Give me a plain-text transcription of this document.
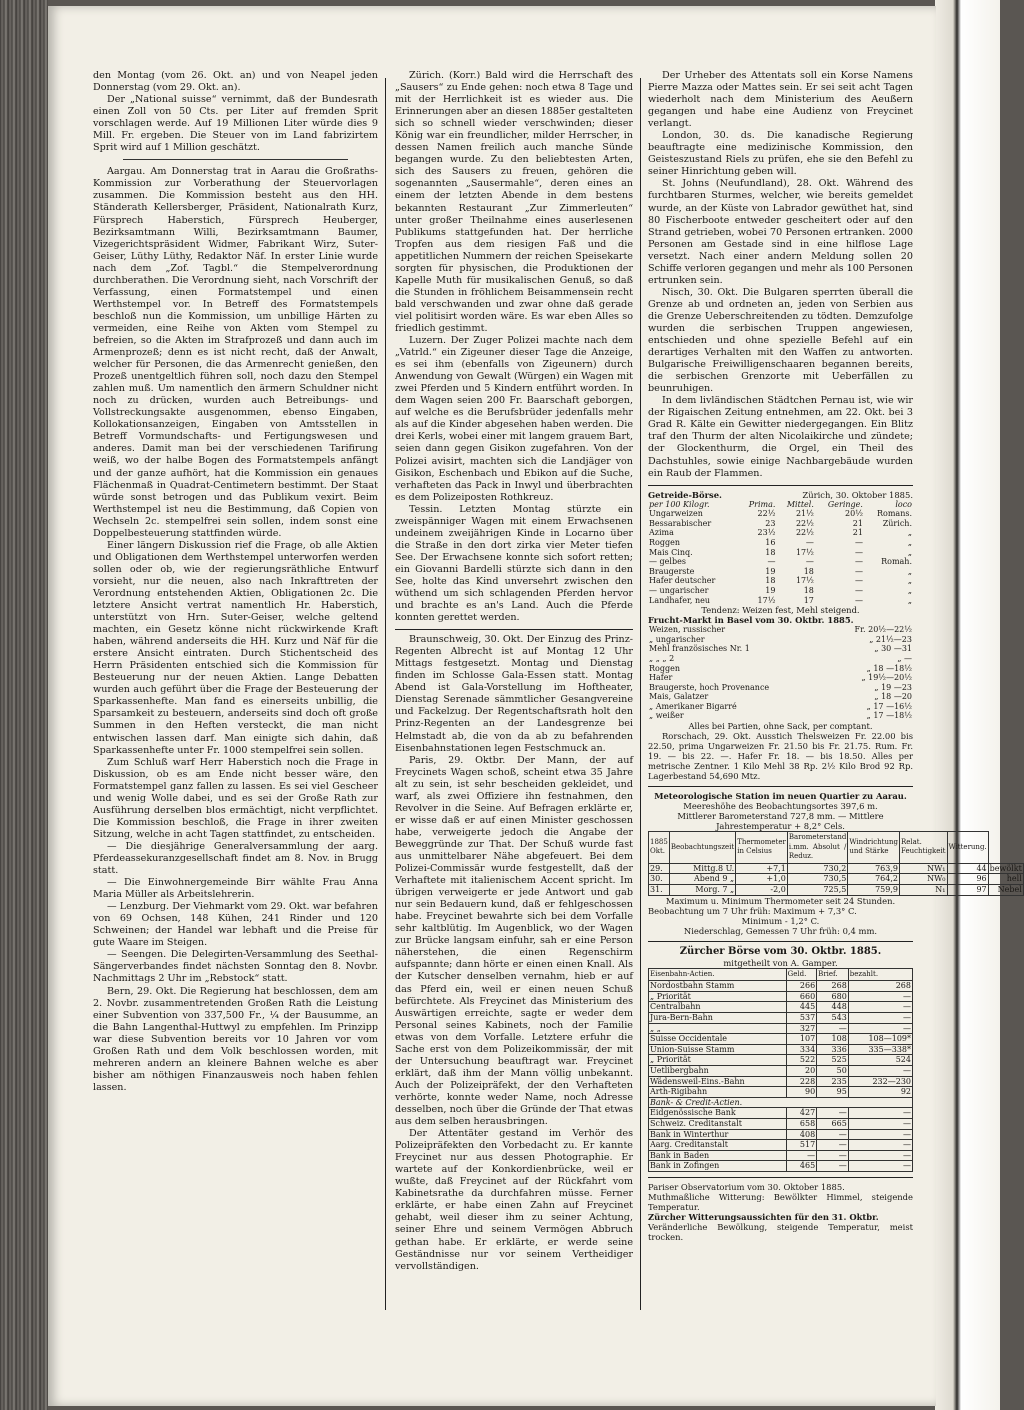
den Montag (vom 26. Okt. an) und von Neapel jeden Donnerstag (vom 29. Okt. an).

Der „National suisse“ vernimmt, daß der Bundesrath einen Zoll von 50 Cts. per Liter auf fremden Sprit vorschlagen werde. Auf 19 Millionen Liter würde dies 9 Mill. Fr. ergeben. Die Steuer von im Land fabrizirtem Sprit wird auf 1 Million geschätzt.

Aargau. Am Donnerstag trat in Aarau die Großraths-Kommission zur Vorberathung der Steuervorlagen zusammen. Die Kommission besteht aus den HH. Ständerath Kellersberger, Präsident, Nationalrath Kurz, Fürsprech Haberstich, Fürsprech Heuberger, Bezirksamtmann Willi, Bezirksamtmann Baumer, Vizegerichtspräsident Widmer, Fabrikant Wirz, Suter-Geiser, Lüthy Lüthy, Redaktor Näf. In erster Linie wurde nach dem „Zof. Tagbl.“ die Stempelverordnung durchberathen. Die Verordnung sieht, nach Vorschrift der Verfassung, einen Formatstempel und einen Werthstempel vor. In Betreff des Formatstempels beschloß nun die Kommission, um unbillige Härten zu vermeiden, eine Reihe von Akten vom Stempel zu befreien, so die Akten im Strafprozeß und dann auch im Armenprozeß; denn es ist nicht recht, daß der Anwalt, welcher für Personen, die das Armenrecht genießen, den Prozeß unentgeltlich führen soll, noch dazu den Stempel zahlen muß. Um namentlich den ärmern Schuldner nicht noch zu drücken, wurden auch Betreibungs- und Vollstreckungsakte ausgenommen, ebenso Eingaben, Kollokationsanzeigen, Eingaben von Amtsstellen in Betreff Vormundschafts- und Fertigungswesen und anderes. Damit man bei der verschiedenen Tarifirung weiß, wo der halbe Bogen des Formatstempels anfängt und der ganze aufhört, hat die Kommission ein genaues Flächenmaß in Quadrat-Centimetern bestimmt. Der Staat würde sonst betrogen und das Publikum vexirt. Beim Werthstempel ist neu die Bestimmung, daß Copien von Wechseln 2c. stempelfrei sein sollen, indem sonst eine Doppelbesteuerung stattfinden würde.

Einer längern Diskussion rief die Frage, ob alle Aktien und Obligationen dem Werthstempel unterworfen werden sollen oder ob, wie der regierungsräthliche Entwurf vorsieht, nur die neuen, also nach Inkrafttreten der Verordnung entstehenden Aktien, Obligationen 2c. Die letztere Ansicht vertrat namentlich Hr. Haberstich, unterstützt von Hrn. Suter-Geiser, welche geltend machten, ein Gesetz könne nicht rückwirkende Kraft haben, während anderseits die HH. Kurz und Näf für die erstere Ansicht eintraten. Durch Stichentscheid des Herrn Präsidenten entschied sich die Kommission für Besteuerung nur der neuen Aktien. Lange Debatten wurden auch geführt über die Frage der Besteuerung der Sparkassenhefte. Man fand es einerseits unbillig, die Sparsamkeit zu besteuern, anderseits sind doch oft große Summen in den Heften versteckt, die man nicht entwischen lassen darf. Man einigte sich dahin, daß Sparkassenhefte unter Fr. 1000 stempelfrei sein sollen.

Zum Schluß warf Herr Haberstich noch die Frage in Diskussion, ob es am Ende nicht besser wäre, den Formatstempel ganz fallen zu lassen. Es sei viel Gescheer und wenig Wolle dabei, und es sei der Große Rath zur Ausführung derselben blos ermächtigt, nicht verpflichtet. Die Kommission beschloß, die Frage in ihrer zweiten Sitzung, welche in acht Tagen stattfindet, zu entscheiden.

— Die diesjährige Generalversammlung der aarg. Pferdeassekuranzgesellschaft findet am 8. Nov. in Brugg statt.

— Die Einwohnergemeinde Birr wählte Frau Anna Maria Müller als Arbeitslehrerin.

— Lenzburg. Der Viehmarkt vom 29. Okt. war befahren von 69 Ochsen, 148 Kühen, 241 Rinder und 120 Schweinen; der Handel war lebhaft und die Preise für gute Waare im Steigen.

— Seengen. Die Delegirten-Versammlung des Seethal-Sängerverbandes findet nächsten Sonntag den 8. Novbr. Nachmittags 2 Uhr im „Rebstock“ statt.

Bern, 29. Okt. Die Regierung hat beschlossen, dem am 2. Novbr. zusammentretenden Großen Rath die Leistung einer Subvention von 337,500 Fr., ¼ der Bausumme, an die Bahn Langenthal-Huttwyl zu empfehlen. Im Prinzipp war diese Subvention bereits vor 10 Jahren vor vom Großen Rath und dem Volk beschlossen worden, mit mehreren andern an kleinere Bahnen welche es aber bisher am nöthigen Finanzausweis noch haben fehlen lassen.

Zürich. (Korr.) Bald wird die Herrschaft des „Sausers“ zu Ende gehen: noch etwa 8 Tage und mit der Herrlichkeit ist es wieder aus. Die Erinnerungen aber an diesen 1885er gestalteten sich so schnell wieder verschwinden; dieser König war ein freundlicher, milder Herrscher, in dessen Namen freilich auch manche Sünde begangen wurde. Zu den beliebtesten Arten, sich des Sausers zu freuen, gehören die sogenannten „Sausermahle“, deren eines an einem der letzten Abende in dem bestens bekannten Restaurant „Zur Zimmerleuten“ unter großer Theilnahme eines auserlesenen Publikums stattgefunden hat. Der herrliche Tropfen aus dem riesigen Faß und die appetitlichen Nummern der reichen Speisekarte sorgten für physischen, die Produktionen der Kapelle Muth für musikalischen Genuß, so daß die Stunden in fröhlichem Beisammensein recht bald verschwanden und zwar ohne daß gerade viel politisirt worden wäre. Es war eben Alles so friedlich gestimmt.

Luzern. Der Zuger Polizei machte nach dem „Vatrld.“ ein Zigeuner dieser Tage die Anzeige, es sei ihm (ebenfalls von Zigeunern) durch Anwendung von Gewalt (Würgen) ein Wagen mit zwei Pferden und 5 Kindern entführt worden. In dem Wagen seien 200 Fr. Baarschaft geborgen, auf welche es die Berufsbrüder jedenfalls mehr als auf die Kinder abgesehen haben werden. Die drei Kerls, wobei einer mit langem grauem Bart, seien dann gegen Gisikon zugefahren. Von der Polizei avisirt, machten sich die Landjäger von Gisikon, Eschenbach und Ebikon auf die Suche, verhafteten das Pack in Inwyl und überbrachten es dem Polizeiposten Rothkreuz.

Tessin. Letzten Montag stürzte ein zweispänniger Wagen mit einem Erwachsenen undeinem zweijährigen Kinde in Locarno über die Straße in den dort zirka vier Meter tiefen See. Der Erwachsene konnte sich sofort retten; ein Giovanni Bardelli stürzte sich dann in den See, holte das Kind unversehrt zwischen den wüthend um sich schlagenden Pferden hervor und brachte es an's Land. Auch die Pferde konnten gerettet werden.

Braunschweig, 30. Okt. Der Einzug des Prinz-Regenten Albrecht ist auf Montag 12 Uhr Mittags festgesetzt. Montag und Dienstag finden im Schlosse Gala-Essen statt. Montag Abend ist Gala-Vorstellung im Hoftheater, Dienstag Serenade sämmtlicher Gesangvereine und Fackelzug. Der Regentschaftsrath holt den Prinz-Regenten an der Landesgrenze bei Helmstadt ab, die von da ab zu befahrenden Eisenbahnstationen legen Festschmuck an.

Paris, 29. Oktbr. Der Mann, der auf Freycinets Wagen schoß, scheint etwa 35 Jahre alt zu sein, ist sehr bescheiden gekleidet, und warf, als zwei Offiziere ihn festnahmen, den Revolver in die Seine. Auf Befragen erklärte er, er wisse daß er auf einen Minister geschossen habe, verweigerte jedoch die Angabe der Beweggründe zur That. Der Schuß wurde fast aus unmittelbarer Nähe abgefeuert. Bei dem Polizei-Commissär wurde festgestellt, daß der Verhaftete mit italienischem Accent spricht. Im übrigen verweigerte er jede Antwort und gab nur sein Bedauern kund, daß er fehlgeschossen habe. Freycinet bewahrte sich bei dem Vorfalle sehr kaltblütig. Im Augenblick, wo der Wagen zur Brücke langsam einfuhr, sah er eine Person näherstehen, die einen Regenschirm aufspannte; dann hörte er einen einen Knall. Als der Kutscher denselben vernahm, hieb er auf das Pferd ein, weil er einen neuen Schuß befürchtete. Als Freycinet das Ministerium des Auswärtigen erreichte, sagte er weder dem Personal seines Kabinets, noch der Familie etwas von dem Vorfalle. Letztere erfuhr die Sache erst von dem Polizeikommissär, der mit der Untersuchung beauftragt war. Freycinet erklärt, daß ihm der Mann völlig unbekannt. Auch der Polizeipräfekt, der den Verhafteten verhörte, konnte weder Name, noch Adresse desselben, noch über die Gründe der That etwas aus dem selben herausbringen.

Der Attentäter gestand im Verhör des Polizeipräfekten den Vorbedacht zu. Er kannte Freycinet nur aus dessen Photographie. Er wartete auf der Konkordienbrücke, weil er wußte, daß Freycinet auf der Rückfahrt vom Kabinetsrathe da durchfahren müsse. Ferner erklärte, er habe einen Zahn auf Freycinet gehabt, weil dieser ihm zu seiner Achtung, seiner Ehre und seinem Vermögen Abbruch gethan habe. Er erklärte, er werde seine Geständnisse nur vor seinem Vertheidiger vervollständigen.

Der Urheber des Attentats soll ein Korse Namens Pierre Mazza oder Mattes sein. Er sei seit acht Tagen wiederholt nach dem Ministerium des Aeußern gegangen und habe eine Audienz von Freycinet verlangt.

London, 30. ds. Die kanadische Regierung beauftragte eine medizinische Kommission, den Geisteszustand Riels zu prüfen, ehe sie den Befehl zu seiner Hinrichtung geben will.

St. Johns (Neufundland), 28. Okt. Während des furchtbaren Sturmes, welcher, wie bereits gemeldet wurde, an der Küste von Labrador gewüthet hat, sind 80 Fischerboote entweder gescheitert oder auf den Strand getrieben, wobei 70 Personen ertranken. 2000 Personen am Gestade sind in eine hilflose Lage versetzt. Nach einer andern Meldung sollen 20 Schiffe verloren gegangen und mehr als 100 Personen ertrunken sein.

Nisch, 30. Okt. Die Bulgaren sperrten überall die Grenze ab und ordneten an, jeden von Serbien aus die Grenze Ueberschreitenden zu tödten. Demzufolge wurden die serbischen Truppen angewiesen, entschieden und ohne spezielle Befehl auf ein derartiges Verhalten mit den Waffen zu antworten. Bulgarische Freiwilligenschaaren begannen bereits, die serbischen Grenzorte mit Ueberfällen zu beunruhigen.

In dem livländischen Städtchen Pernau ist, wie wir der Rigaischen Zeitung entnehmen, am 22. Okt. bei 3 Grad R. Kälte ein Gewitter niedergegangen. Ein Blitz traf den Thurm der alten Nicolaikirche und zündete; der Glockenthurm, die Orgel, ein Theil des Dachstuhles, sowie einige Nachbargebäude wurden ein Raub der Flammen.

Getreide-Börse.	Zürich, 30. Oktober 1885.
per 100 Kilogr.	Prima.	Mittel.	Geringe.	loco
Ungarweizen	22½	21½	20½	Romans.
Bessarabischer	23	22½	21	Zürich.
Azima	23½	22½	21	„
Roggen	16	—	—	„
Mais Cinq.	18	17½	—	„
— gelbes	—	—	—	Romah.
Braugerste	19	18	—	„
Hafer deutscher	18	17½	—	„
— ungarischer	19	18	—	„
Landhafer, neu	17½	17	—	„
Tendenz: Weizen fest, Mehl steigend.
Frucht-Markt in Basel vom 30. Oktbr. 1885.
Weizen, russischer	Fr. 20½—22½
„ ungarischer	„ 21½—23
Mehl französisches Nr. 1	„ 30 —31
„ „ „ 2	„ —
Roggen	„ 18 —18½
Hafer	„ 19½—20½
Braugerste, hoch Provenance	„ 19 —23
Mais, Galatzer	„ 18 —20
„ Amerikaner Bigarré	„ 17 —16½
„ weißer	„ 17 —18½
Alles bei Partien, ohne Sack, per comptant.

Rorschach, 29. Okt. Ausstich Thelsweizen Fr. 22.00 bis 22.50, prima Ungarweizen Fr. 21.50 bis Fr. 21.75. Rum. Fr. 19. — bis 22. —. Hafer Fr. 18. — bis 18.50. Alles per metrische Zentner. 1 Kilo Mehl 38 Rp. 2½ Kilo Brod 92 Rp. Lagerbestand 54,690 Mtz.

Meteorologische Station im neuen Quartier zu Aarau.
Meereshöhe des Beobachtungsortes 397,6 m.
Mittlerer Barometerstand 727,8 mm. — Mittlere Jahrestemperatur + 8,2° Cels.
1885 Okt.	Beobachtungszeit	Thermometer in Celsius	Barometerstand i.mm. Absolut / Reduz.	Windrichtung und Stärke	Relat. Feuchtigkeit	Witterung.	
29.	Mittg.8 U.	+7,1	730,2	763,9	NW₁	44	bewölkt
30.	Abend 9 „	+1,0	730,5	764,2	NW₀	96	hell
31.	Morg. 7 „	-2,0	725,5	759,9	N₁	97	Nebel
Maximum u. Minimum Thermometer seit 24 Stunden.
Beobachtung um 7 Uhr früh: Maximum + 7,3° C.
Minimum - 1,2° C.
Niederschlag, Gemessen 7 Uhr früh: 0,4 mm.
Zürcher Börse vom 30. Oktbr. 1885.
mitgetheilt von A. Gamper.
Eisenbahn-Actien.	Geld.	Brief.	bezahlt.
Nordostbahn Stamm	266	268	268
„ Priorität	660	680	—
Centralbahn	445	448	—
Jura-Bern-Bahn	537	543	—
„ „	327	—	—
Suisse Occidentale	107	108	108—109*
Union-Suisse Stamm	334	336	335—338*
„ Priorität	522	525	524
Uetlibergbahn	20	50	—
Wädensweil-Eins.-Bahn	228	235	232—230
Arth-Rigibahn	90	95	92
Bank- & Credit-Actien.			
Eidgenössische Bank	427	—	—
Schweiz. Creditanstalt	658	665	—
Bank in Winterthur	408	—	—
Aarg. Creditanstalt	517	—	—
Bank in Baden	—	—	—
Bank in Zofingen	465	—	—
Pariser Observatorium vom 30. Oktober 1885.
Muthmaßliche Witterung: Bewölkter Himmel, steigende Temperatur.
Zürcher Witterungsaussichten für den 31. Oktbr.
Veränderliche Bewölkung, steigende Temperatur, meist trocken.
